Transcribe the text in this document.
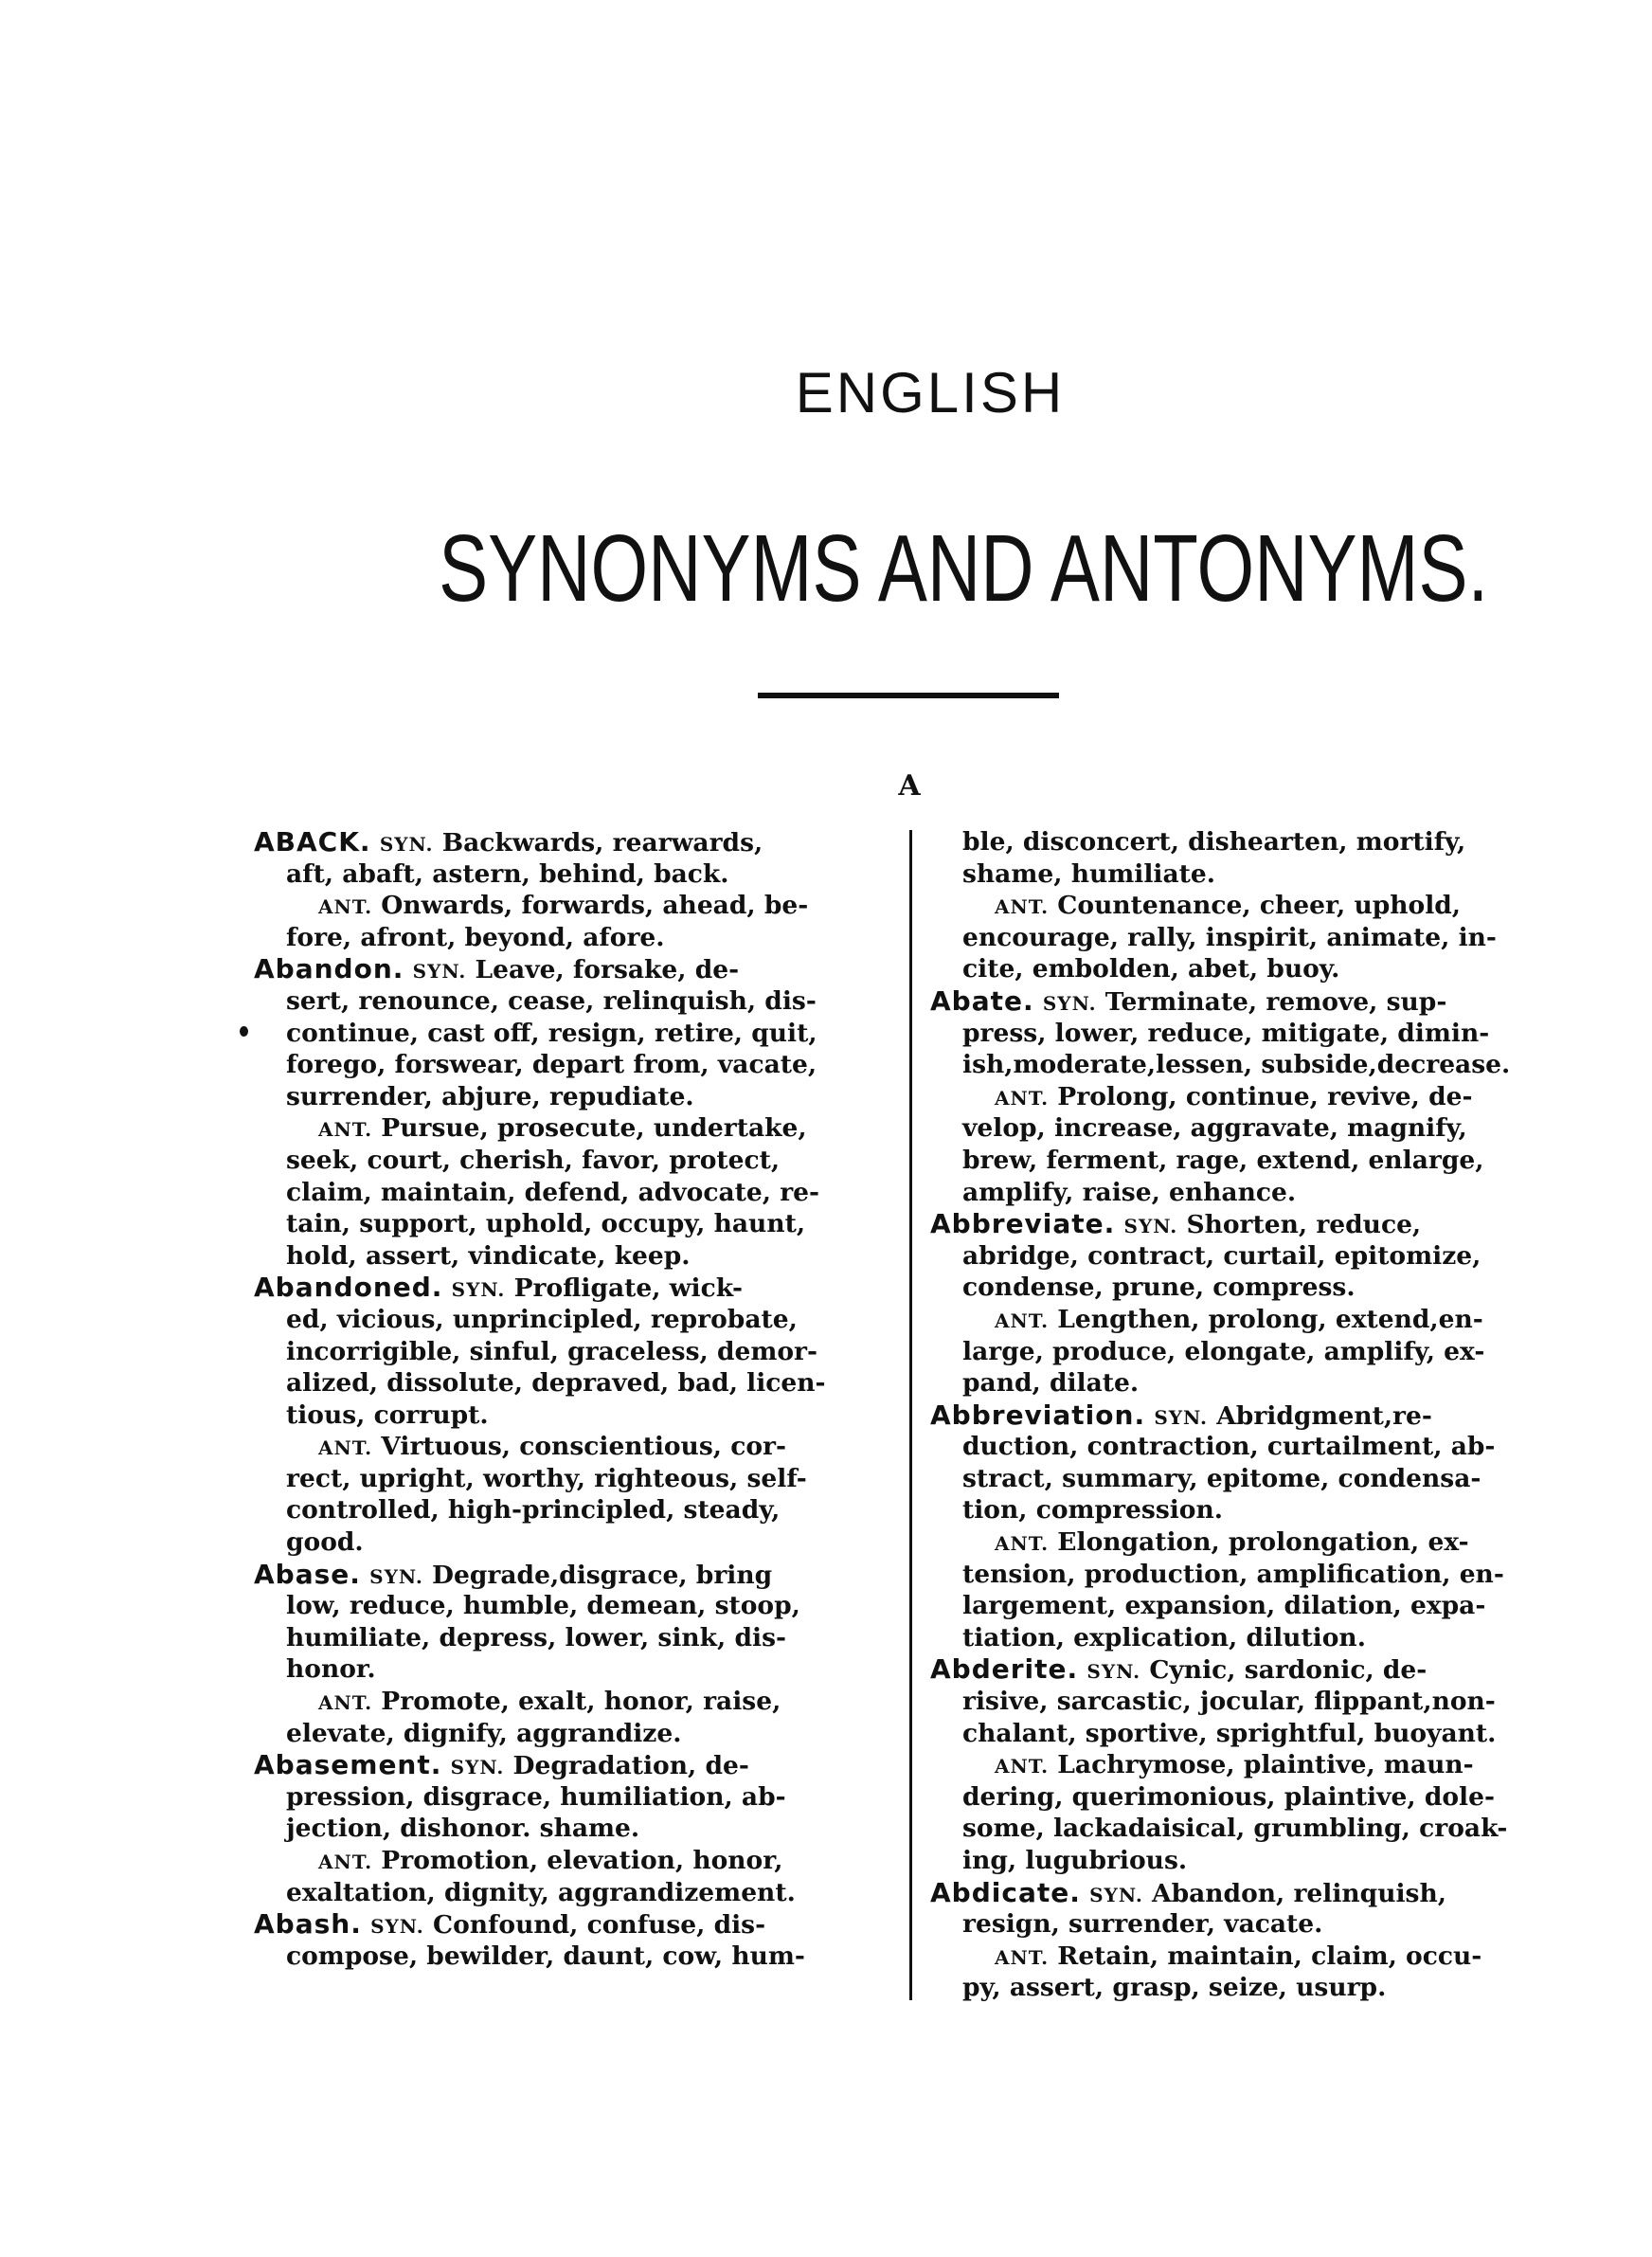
ENGLISH
SYNONYMS AND ANTONYMS.
A
ABACK. SYN. Backwards, rearwards,
aft, abaft, astern, behind, back.
ANT. Onwards, forwards, ahead, be-
fore, afront, beyond, afore.
Abandon. SYN. Leave, forsake, de-
sert, renounce, cease, relinquish, dis-
continue, cast off, resign, retire, quit,
forego, forswear, depart from, vacate,
surrender, abjure, repudiate.
ANT. Pursue, prosecute, undertake,
seek, court, cherish, favor, protect,
claim, maintain, defend, advocate, re-
tain, support, uphold, occupy, haunt,
hold, assert, vindicate, keep.
Abandoned. SYN. Profligate, wick-
ed, vicious, unprincipled, reprobate,
incorrigible, sinful, graceless, demor-
alized, dissolute, depraved, bad, licen-
tious, corrupt.
ANT. Virtuous, conscientious, cor-
rect, upright, worthy, righteous, self-
controlled, high-principled, steady,
good.
Abase. SYN. Degrade,disgrace, bring
low, reduce, humble, demean, stoop,
humiliate, depress, lower, sink, dis-
honor.
ANT. Promote, exalt, honor, raise,
elevate, dignify, aggrandize.
Abasement. SYN. Degradation, de-
pression, disgrace, humiliation, ab-
jection, dishonor. shame.
ANT. Promotion, elevation, honor,
exaltation, dignity, aggrandizement.
Abash. SYN. Confound, confuse, dis-
compose, bewilder, daunt, cow, hum-
ble, disconcert, dishearten, mortify,
shame, humiliate.
ANT. Countenance, cheer, uphold,
encourage, rally, inspirit, animate, in-
cite, embolden, abet, buoy.
Abate. SYN. Terminate, remove, sup-
press, lower, reduce, mitigate, dimin-
ish,moderate,lessen, subside,decrease.
ANT. Prolong, continue, revive, de-
velop, increase, aggravate, magnify,
brew, ferment, rage, extend, enlarge,
amplify, raise, enhance.
Abbreviate. SYN. Shorten, reduce,
abridge, contract, curtail, epitomize,
condense, prune, compress.
ANT. Lengthen, prolong, extend,en-
large, produce, elongate, amplify, ex-
pand, dilate.
Abbreviation. SYN. Abridgment,re-
duction, contraction, curtailment, ab-
stract, summary, epitome, condensa-
tion, compression.
ANT. Elongation, prolongation, ex-
tension, production, amplification, en-
largement, expansion, dilation, expa-
tiation, explication, dilution.
Abderite. SYN. Cynic, sardonic, de-
risive, sarcastic, jocular, flippant,non-
chalant, sportive, sprightful, buoyant.
ANT. Lachrymose, plaintive, maun-
dering, querimonious, plaintive, dole-
some, lackadaisical, grumbling, croak-
ing, lugubrious.
Abdicate. SYN. Abandon, relinquish,
resign, surrender, vacate.
ANT. Retain, maintain, claim, occu-
py, assert, grasp, seize, usurp.
